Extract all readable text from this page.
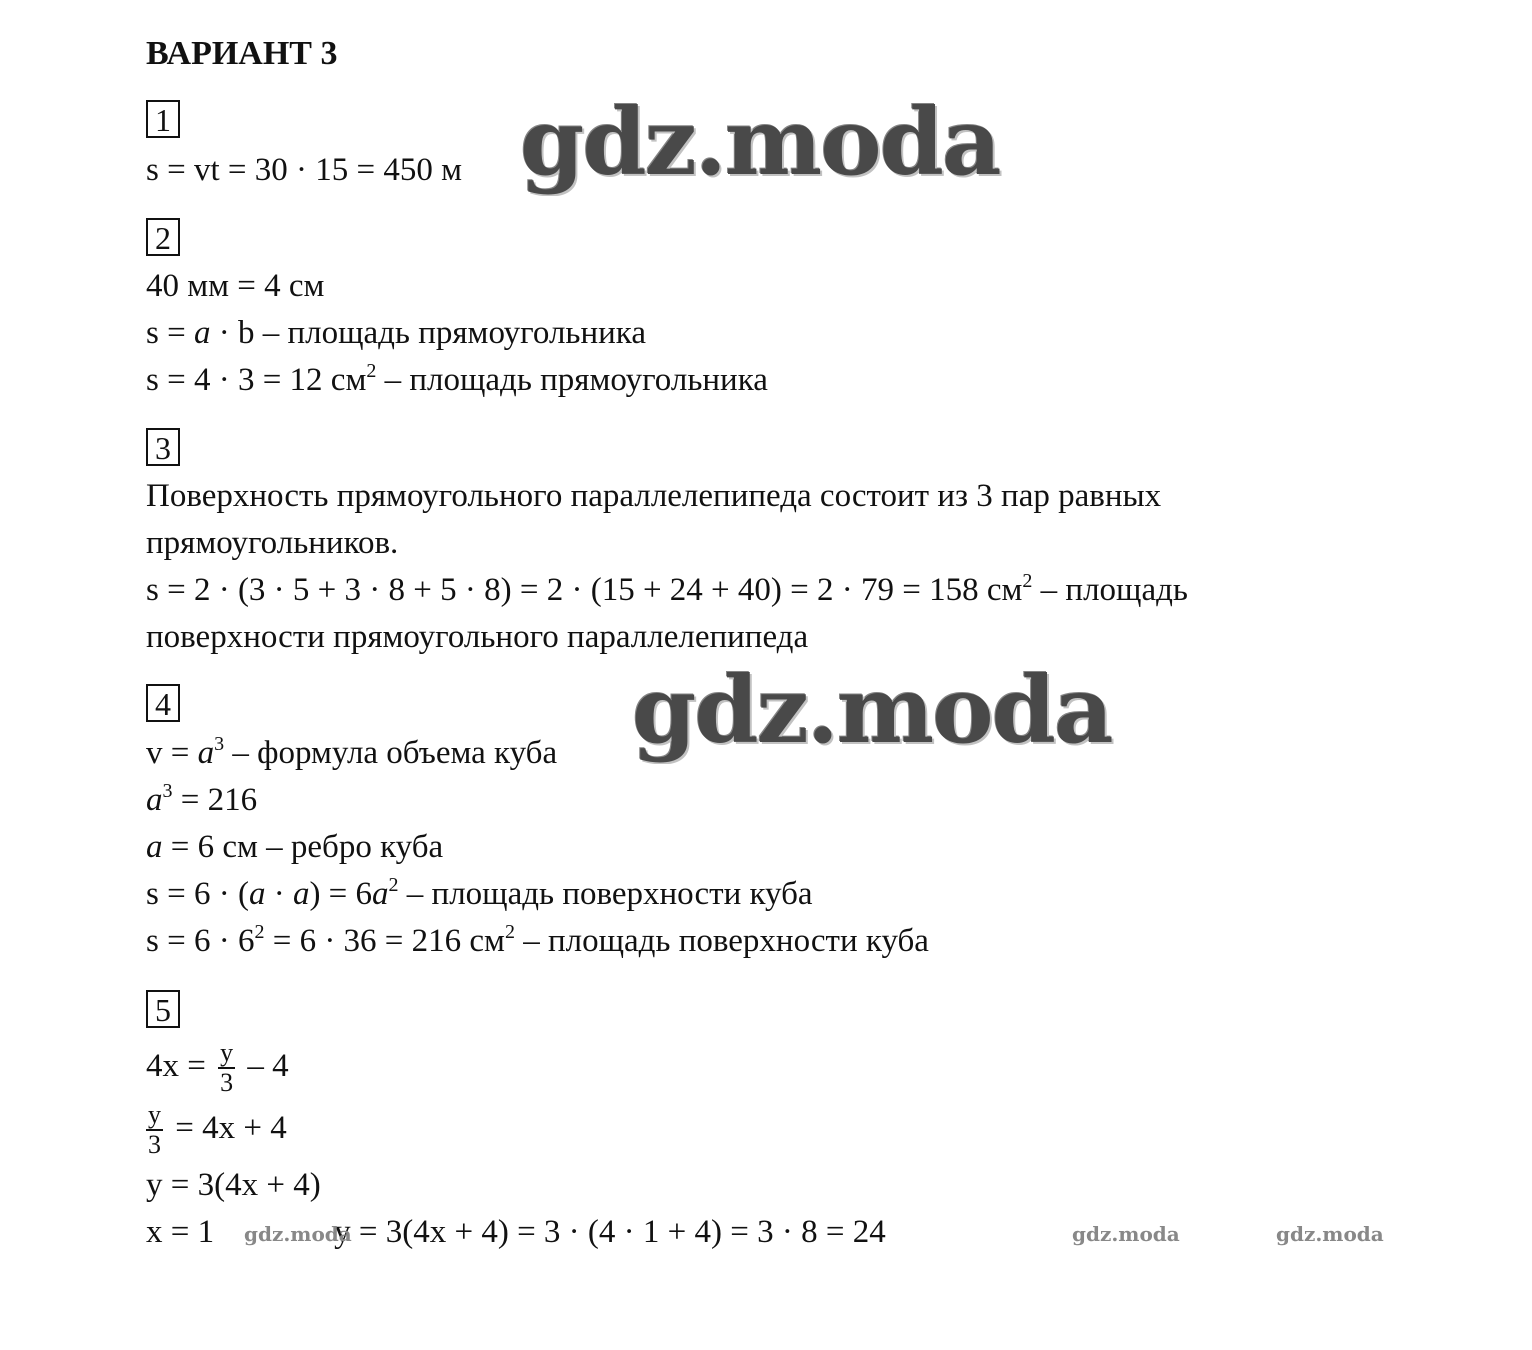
ВАРИАНТ 3
1
s = vt = 30 · 15 = 450 м
2
40 мм = 4 см
s = a · b – площадь прямоугольника
s = 4 · 3 = 12 $см^2$ – площадь прямоугольника
3
Поверхность прямоугольного параллелепипеда состоит из 3 пар равных
прямоугольников.
s = 2 · (3 · 5 + 3 · 8 + 5 · 8) = 2 · (15 + 24 + 40) = 2 · 79 = 158 $см^2$ – площадь
поверхности прямоугольного параллелепипеда
4
$v = a^3$ – формула объема куба
$a^3 = 216$
a = 6 см – ребро куба
$s = 6 \cdot (a \cdot a) = 6a^2$ – площадь поверхности куба
$s = 6 \cdot 6^2 = 6 \cdot 36 = 216$ $см^2$ – площадь поверхности куба
5
$4x = \frac{y}{3} - 4$
$\frac{y}{3} = 4x + 4$
y = 3(4x + 4)
x = 1	y = 3(4x + 4) = 3 · (4 · 1 + 4) = 3 · 8 = 24
gdz.moda
gdz.moda
gdz.moda	gdz.moda	gdz.moda
